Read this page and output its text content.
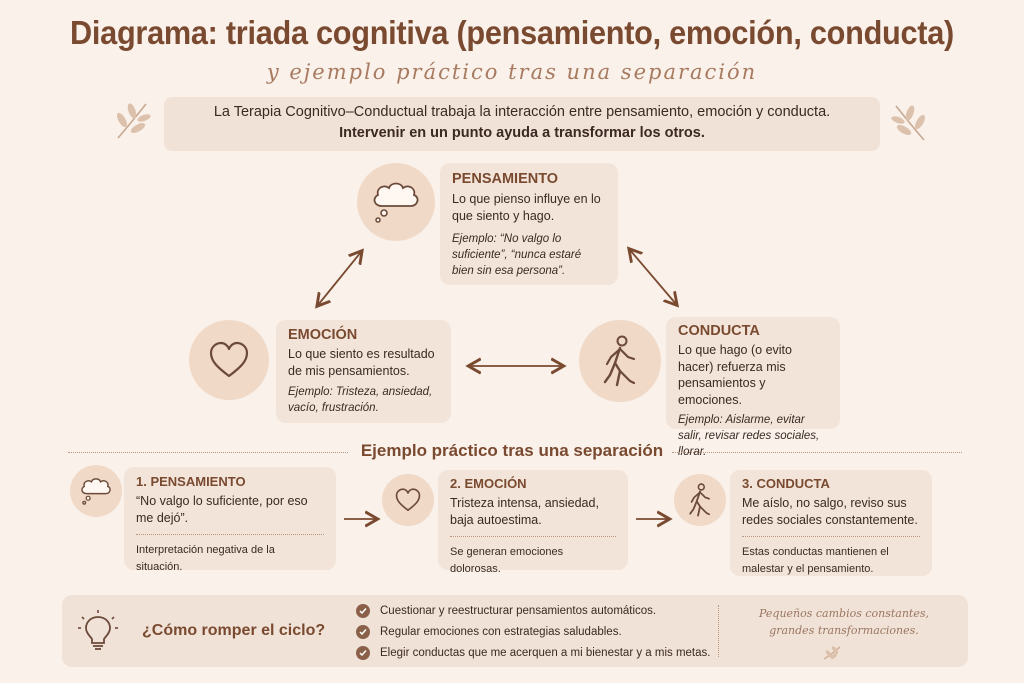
Diagrama: triada cognitiva (pensamiento, emoción, conducta)
y ejemplo práctico tras una separación
La Terapia Cognitivo–Conductual trabaja la interacción entre pensamiento, emoción y conducta.
Intervenir en un punto ayuda a transformar los otros.
PENSAMIENTO
Lo que pienso influye en lo que siento y hago.
Ejemplo: “No valgo lo suficiente”, “nunca estaré bien sin esa persona”.
EMOCIÓN
Lo que siento es resultado de mis pensamientos.
Ejemplo: Tristeza, ansiedad, vacío, frustración.
CONDUCTA
Lo que hago (o evito hacer) refuerza mis pensamientos y emociones.
Ejemplo: Aislarme, evitar salir, revisar redes sociales, llorar.
Ejemplo práctico tras una separación
1. PENSAMIENTO
“No valgo lo suficiente, por eso me dejó”.
Interpretación negativa de la situación.
2. EMOCIÓN
Tristeza intensa, ansiedad, baja autoestima.
Se generan emociones dolorosas.
3. CONDUCTA
Me aíslo, no salgo, reviso sus redes sociales constantemente.
Estas conductas mantienen el malestar y el pensamiento.
¿Cómo romper el ciclo?
Cuestionar y reestructurar pensamientos automáticos.
Regular emociones con estrategias saludables.
Elegir conductas que me acerquen a mi bienestar y a mis metas.
Pequeños cambios constantes,
grandes transformaciones.
